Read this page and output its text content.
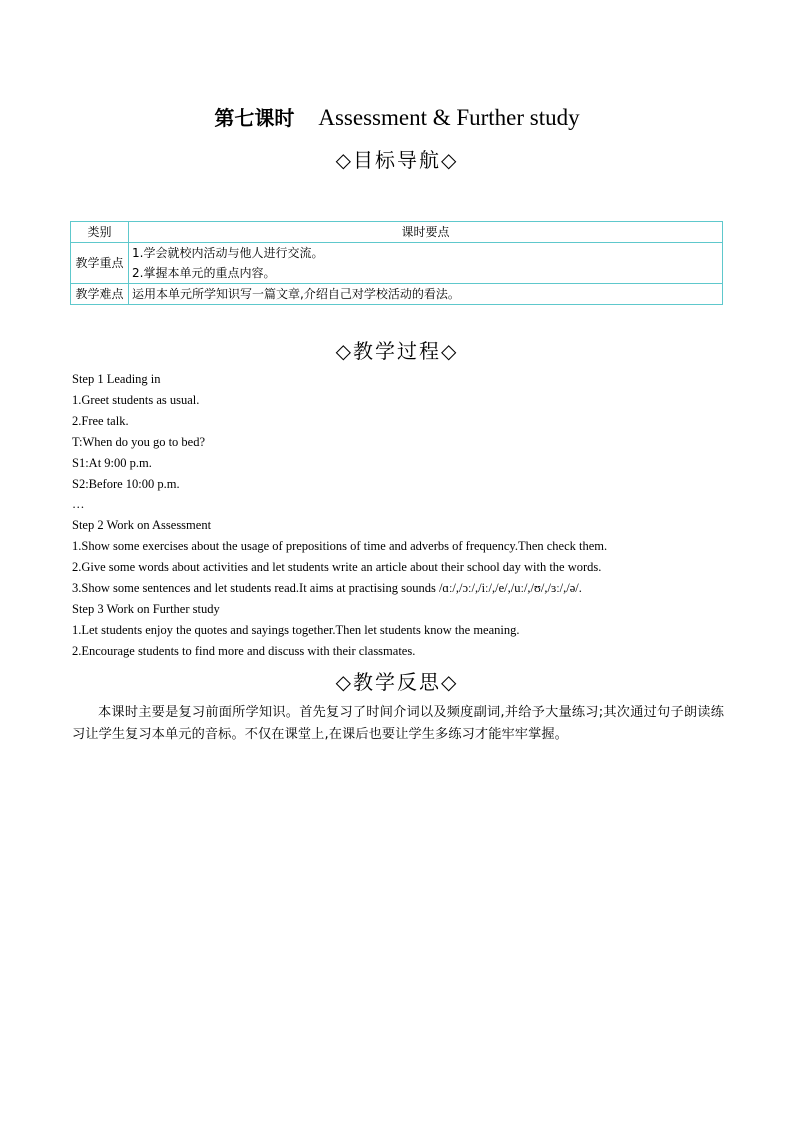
第七课时 Assessment & Further study
◇目标导航◇
类别	课时要点
教学重点	1.学会就校内活动与他人进行交流。
2.掌握本单元的重点内容。

教学难点	运用本单元所学知识写一篇文章,介绍自己对学校活动的看法。
◇教学过程◇
Step 1 Leading in
1.Greet students as usual.
2.Free talk.
T:When do you go to bed?
S1:At 9:00 p.m.
S2:Before 10:00 p.m.
…
Step 2 Work on Assessment
1.Show some exercises about the usage of prepositions of time and adverbs of frequency.Then check them.
2.Give some words about activities and let students write an article about their school day with the words.
3.Show some sentences and let students read.It aims at practising sounds /ɑː/,/ɔː/,/iː/,/e/,/uː/,/ʊ/,/ɜː/,/ə/.
Step 3 Work on Further study
1.Let students enjoy the quotes and sayings together.Then let students know the meaning.
2.Encourage students to find more and discuss with their classmates.
◇教学反思◇
本课时主要是复习前面所学知识。首先复习了时间介词以及频度副词,并给予大量练习;其次通过句子朗读练习让学生复习本单元的音标。不仅在课堂上,在课后也要让学生多练习才能牢牢掌握。
